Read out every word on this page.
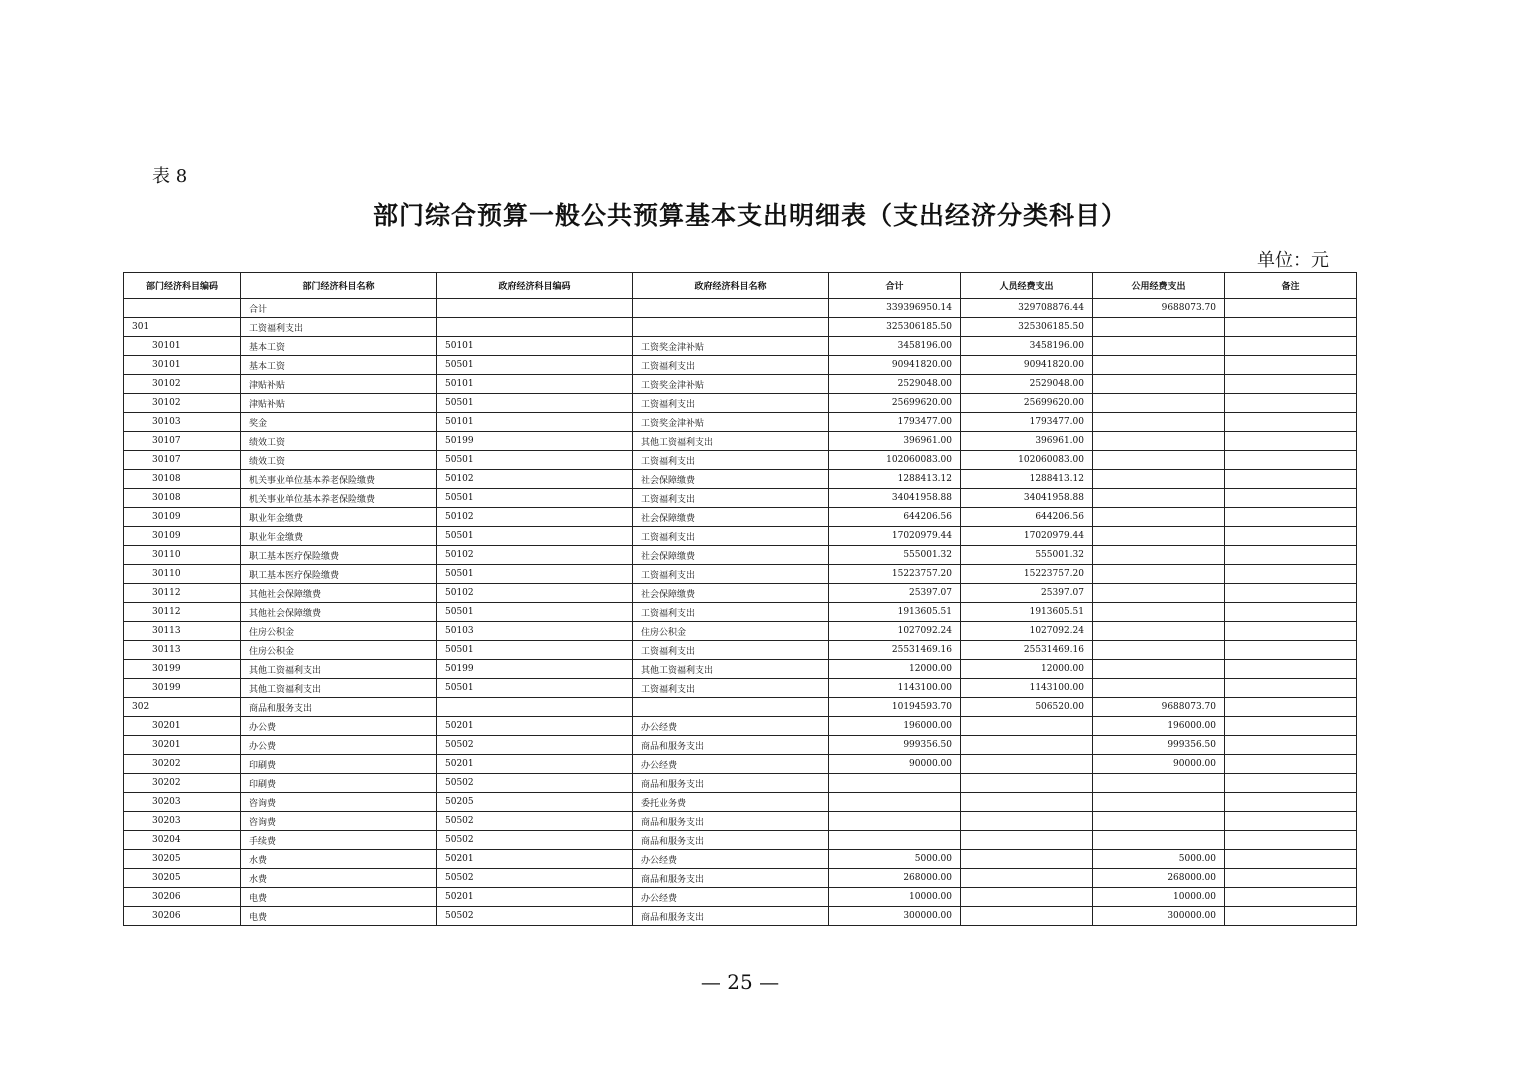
表 8
部门综合预算一般公共预算基本支出明细表（支出经济分类科目）
单位：元
部门经济科目编码	部门经济科目名称	政府经济科目编码	政府经济科目名称	合计	人员经费支出	公用经费支出	备注
	合计			339396950.14	329708876.44	9688073.70	
301	工资福利支出			325306185.50	325306185.50		
30101	基本工资	50101	工资奖金津补贴	3458196.00	3458196.00		
30101	基本工资	50501	工资福利支出	90941820.00	90941820.00		
30102	津贴补贴	50101	工资奖金津补贴	2529048.00	2529048.00		
30102	津贴补贴	50501	工资福利支出	25699620.00	25699620.00		
30103	奖金	50101	工资奖金津补贴	1793477.00	1793477.00		
30107	绩效工资	50199	其他工资福利支出	396961.00	396961.00		
30107	绩效工资	50501	工资福利支出	102060083.00	102060083.00		
30108	机关事业单位基本养老保险缴费	50102	社会保障缴费	1288413.12	1288413.12		
30108	机关事业单位基本养老保险缴费	50501	工资福利支出	34041958.88	34041958.88		
30109	职业年金缴费	50102	社会保障缴费	644206.56	644206.56		
30109	职业年金缴费	50501	工资福利支出	17020979.44	17020979.44		
30110	职工基本医疗保险缴费	50102	社会保障缴费	555001.32	555001.32		
30110	职工基本医疗保险缴费	50501	工资福利支出	15223757.20	15223757.20		
30112	其他社会保障缴费	50102	社会保障缴费	25397.07	25397.07		
30112	其他社会保障缴费	50501	工资福利支出	1913605.51	1913605.51		
30113	住房公积金	50103	住房公积金	1027092.24	1027092.24		
30113	住房公积金	50501	工资福利支出	25531469.16	25531469.16		
30199	其他工资福利支出	50199	其他工资福利支出	12000.00	12000.00		
30199	其他工资福利支出	50501	工资福利支出	1143100.00	1143100.00		
302	商品和服务支出			10194593.70	506520.00	9688073.70	
30201	办公费	50201	办公经费	196000.00		196000.00	
30201	办公费	50502	商品和服务支出	999356.50		999356.50	
30202	印刷费	50201	办公经费	90000.00		90000.00	
30202	印刷费	50502	商品和服务支出				
30203	咨询费	50205	委托业务费				
30203	咨询费	50502	商品和服务支出				
30204	手续费	50502	商品和服务支出				
30205	水费	50201	办公经费	5000.00		5000.00	
30205	水费	50502	商品和服务支出	268000.00		268000.00	
30206	电费	50201	办公经费	10000.00		10000.00	
30206	电费	50502	商品和服务支出	300000.00		300000.00	
— 25 —
